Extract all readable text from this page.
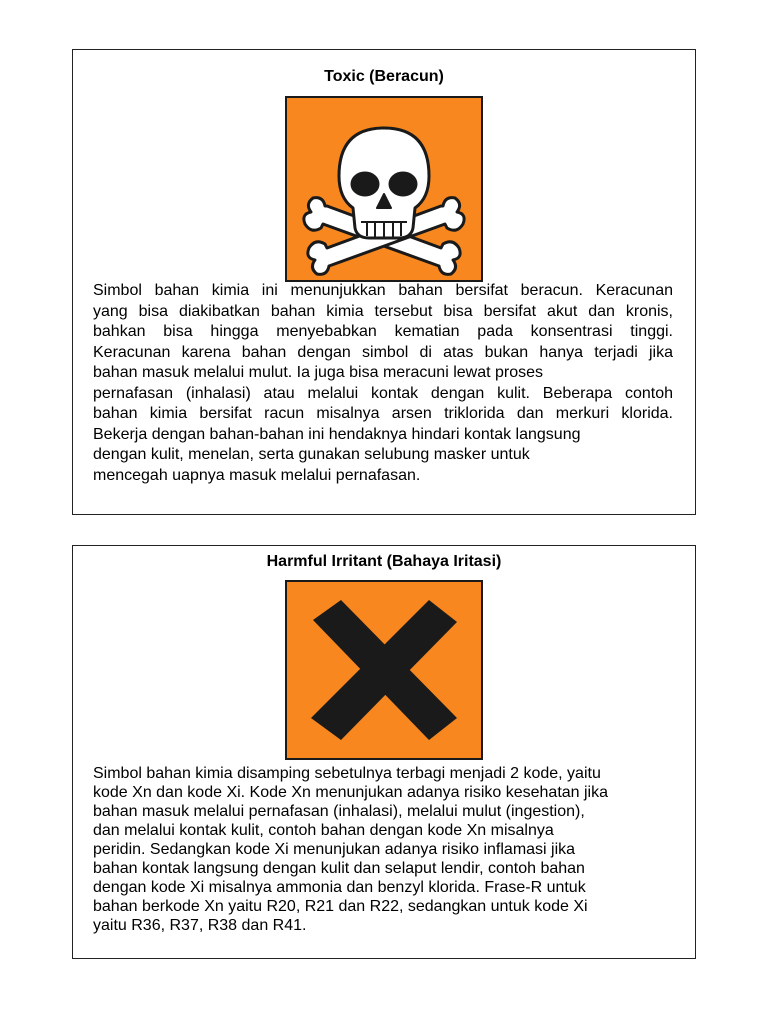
Toxic (Beracun)

Simbol bahan kimia ini menunjukkan bahan bersifat beracun. Keracunan
yang bisa diakibatkan bahan kimia tersebut bisa bersifat akut dan kronis,
bahkan bisa hingga menyebabkan kematian pada konsentrasi tinggi.
Keracunan karena bahan dengan simbol di atas bukan hanya terjadi jika
bahan masuk melalui mulut. Ia juga bisa meracuni lewat proses
pernafasan (inhalasi) atau melalui kontak dengan kulit. Beberapa contoh
bahan kimia bersifat racun misalnya arsen triklorida dan merkuri klorida.
Bekerja dengan bahan-bahan ini hendaknya hindari kontak langsung
dengan kulit, menelan, serta gunakan selubung masker untuk
mencegah uapnya masuk melalui pernafasan.

Harmful Irritant (Bahaya Iritasi)

Simbol bahan kimia disamping sebetulnya terbagi menjadi 2 kode, yaitu
kode Xn dan kode Xi. Kode Xn menunjukan adanya risiko kesehatan jika
bahan masuk melalui pernafasan (inhalasi), melalui mulut (ingestion),
dan melalui kontak kulit, contoh bahan dengan kode Xn misalnya
peridin. Sedangkan kode Xi menunjukan adanya risiko inflamasi jika
bahan kontak langsung dengan kulit dan selaput lendir, contoh bahan
dengan kode Xi misalnya ammonia dan benzyl klorida. Frase-R untuk
bahan berkode Xn yaitu R20, R21 dan R22, sedangkan untuk kode Xi
yaitu R36, R37, R38 dan R41.
